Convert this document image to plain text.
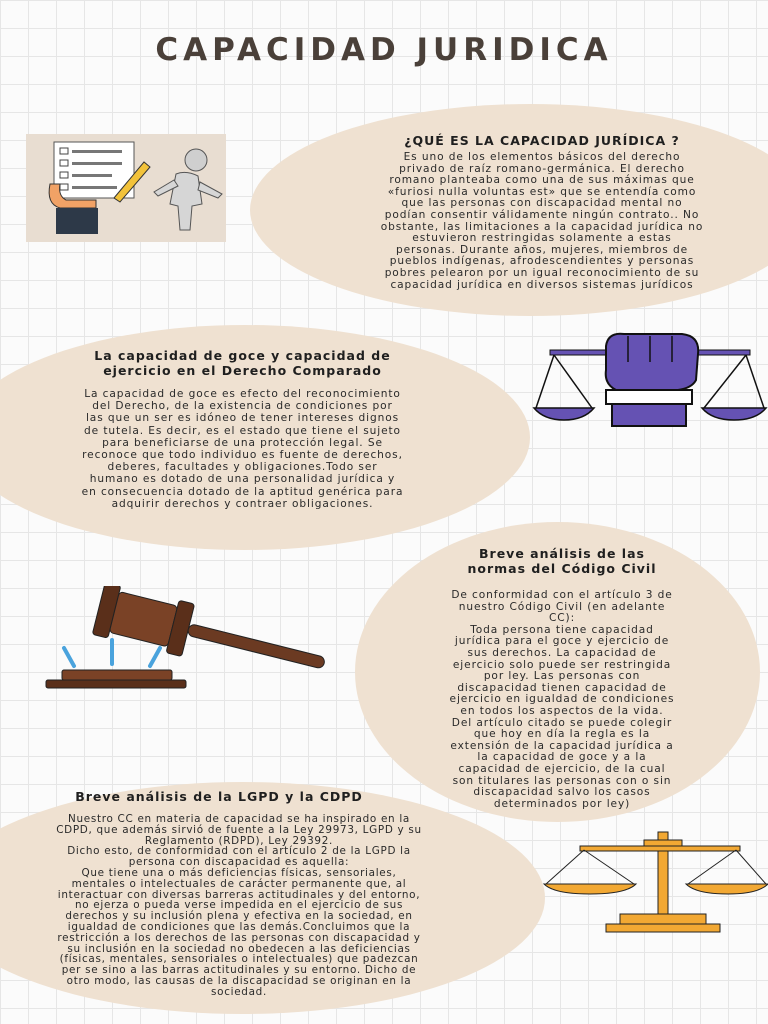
CAPACIDAD JURIDICA
¿QUÉ ES LA CAPACIDAD JURÍDICA ?

Es uno de los elementos básicos del derecho
privado de raíz romano-germánica. El derecho
romano planteaba como una de sus máximas que
«furiosi nulla voluntas est» que se entendía como
que las personas con discapacidad mental no
podían consentir válidamente ningún contrato.. No
obstante, las limitaciones a la capacidad jurídica no
estuvieron restringidas solamente a estas
personas. Durante años, mujeres, miembros de
pueblos indígenas, afrodescendientes y personas
pobres pelearon por un igual reconocimiento de su
capacidad jurídica en diversos sistemas jurídicos

La capacidad de goce y capacidad de
ejercicio en el Derecho Comparado

La capacidad de goce es efecto del reconocimiento
del Derecho, de la existencia de condiciones por
las que un ser es idóneo de tener intereses dignos
de tutela. Es decir, es el estado que tiene el sujeto
para beneficiarse de una protección legal. Se
reconoce que todo individuo es fuente de derechos,
deberes, facultades y obligaciones.Todo ser
humano es dotado de una personalidad jurídica y
en consecuencia dotado de la aptitud genérica para
adquirir derechos y contraer obligaciones.

Breve análisis de las
normas del Código Civil

De conformidad con el artículo 3 de
nuestro Código Civil (en adelante
CC):
Toda persona tiene capacidad
jurídica para el goce y ejercicio de
sus derechos. La capacidad de
ejercicio solo puede ser restringida
por ley. Las personas con
discapacidad tienen capacidad de
ejercicio en igualdad de condiciones
en todos los aspectos de la vida.
Del artículo citado se puede colegir
que hoy en día la regla es la
extensión de la capacidad jurídica a
la capacidad de goce y a la
capacidad de ejercicio, de la cual
son titulares las personas con o sin
discapacidad salvo los casos
determinados por ley)

Breve análisis de la LGPD y la CDPD

Nuestro CC en materia de capacidad se ha inspirado en la
CDPD, que además sirvió de fuente a la Ley 29973, LGPD y su
Reglamento (RDPD), Ley 29392.
Dicho esto, de conformidad con el artículo 2 de la LGPD la
persona con discapacidad es aquella:
Que tiene una o más deficiencias físicas, sensoriales,
mentales o intelectuales de carácter permanente que, al
interactuar con diversas barreras actitudinales y del entorno,
no ejerza o pueda verse impedida en el ejercicio de sus
derechos y su inclusión plena y efectiva en la sociedad, en
igualdad de condiciones que las demás.Concluimos que la
restricción a los derechos de las personas con discapacidad y
su inclusión en la sociedad no obedecen a las deficiencias
(físicas, mentales, sensoriales o intelectuales) que padezcan
per se sino a las barras actitudinales y su entorno. Dicho de
otro modo, las causas de la discapacidad se originan en la
sociedad.
